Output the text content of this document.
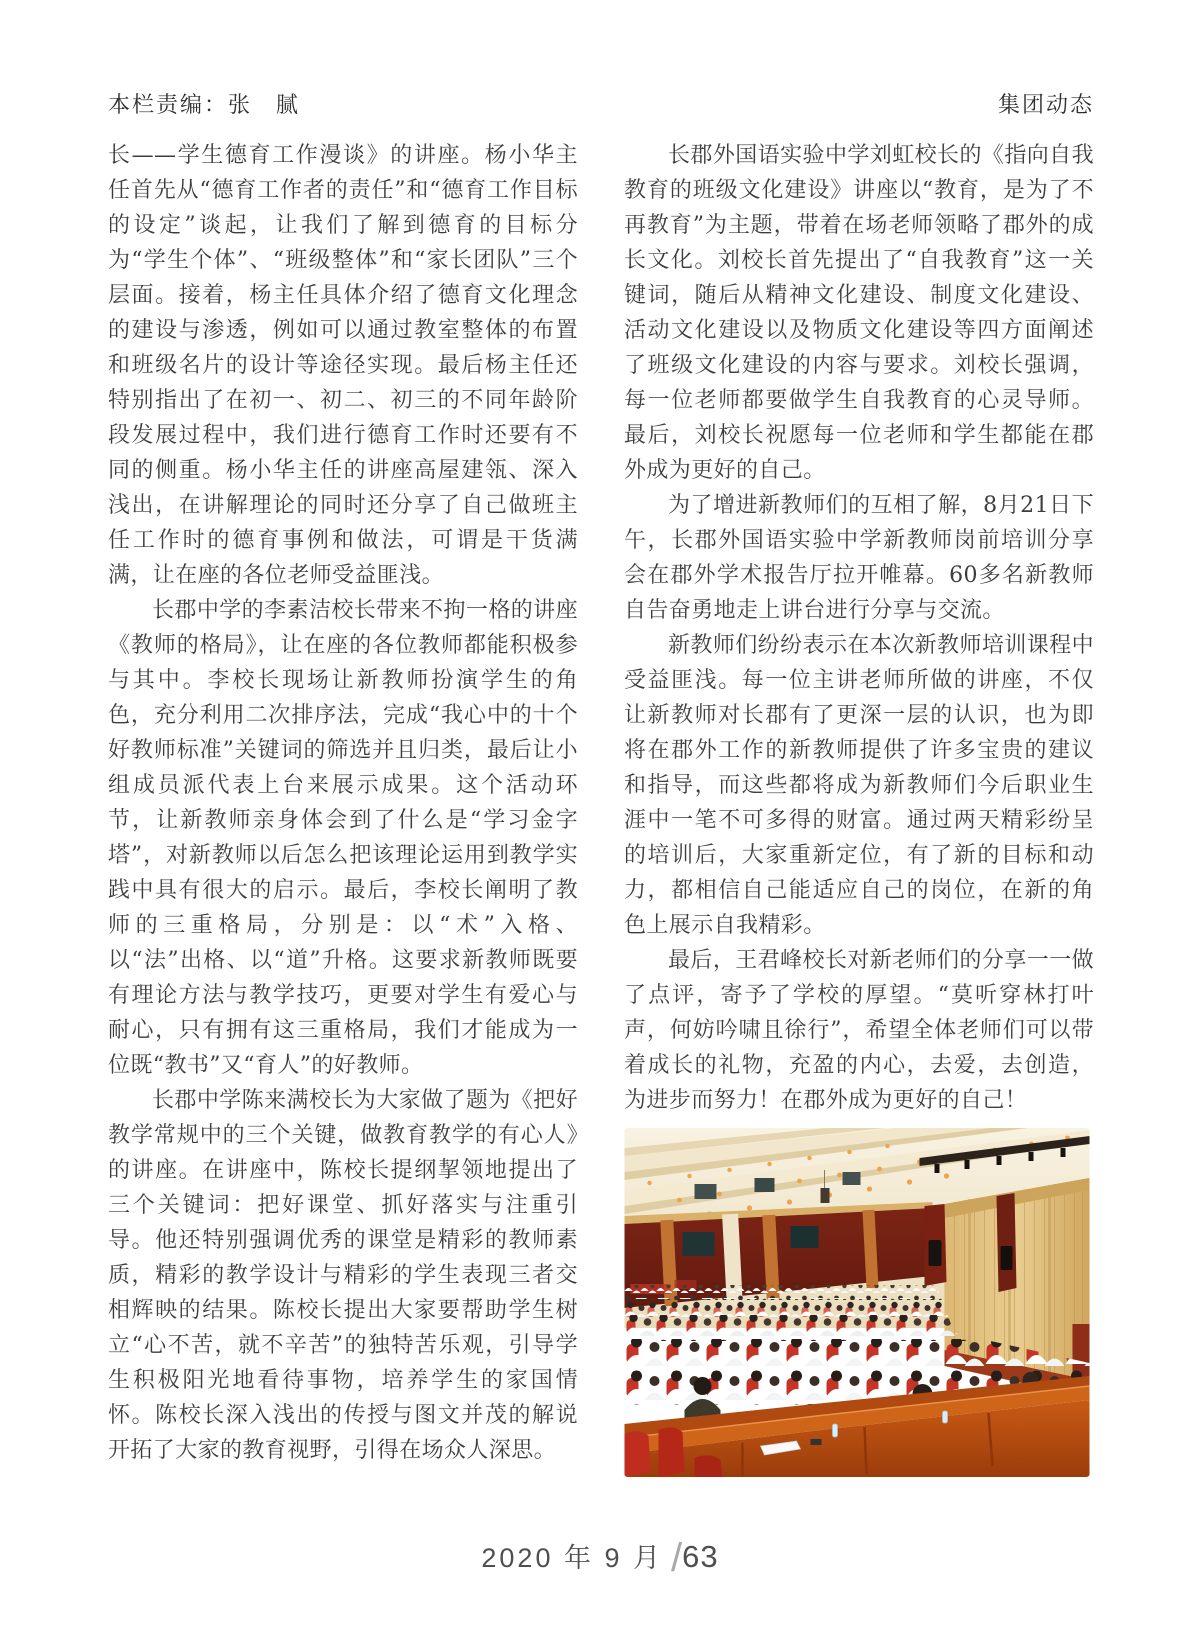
本栏责编：张　腻	集团动态

长——学生德育工作漫谈》的讲座。杨小华主任首先从“德育工作者的责任”和“德育工作目标的设定”谈起，让我们了解到德育的目标分为“学生个体”、“班级整体”和“家长团队”三个层面。接着，杨主任具体介绍了德育文化理念的建设与渗透，例如可以通过教室整体的布置和班级名片的设计等途径实现。最后杨主任还特别指出了在初一、初二、初三的不同年龄阶段发展过程中，我们进行德育工作时还要有不同的侧重。杨小华主任的讲座高屋建瓴、深入浅出，在讲解理论的同时还分享了自己做班主任工作时的德育事例和做法，可谓是干货满满，让在座的各位老师受益匪浅。

长郡中学的李素洁校长带来不拘一格的讲座《教师的格局》，让在座的各位教师都能积极参与其中。李校长现场让新教师扮演学生的角色，充分利用二次排序法，完成“我心中的十个好教师标准”关键词的筛选并且归类，最后让小组成员派代表上台来展示成果。这个活动环节，让新教师亲身体会到了什么是“学习金字塔”，对新教师以后怎么把该理论运用到教学实践中具有很大的启示。最后，李校长阐明了教师的三重格局，分别是：以“术”入格、以“法”出格、以“道”升格。这要求新教师既要有理论方法与教学技巧，更要对学生有爱心与耐心，只有拥有这三重格局，我们才能成为一位既“教书”又“育人”的好教师。

长郡中学陈来满校长为大家做了题为《把好教学常规中的三个关键，做教育教学的有心人》的讲座。在讲座中，陈校长提纲挈领地提出了三个关键词：把好课堂、抓好落实与注重引导。他还特别强调优秀的课堂是精彩的教师素质，精彩的教学设计与精彩的学生表现三者交相辉映的结果。陈校长提出大家要帮助学生树立“心不苦，就不辛苦”的独特苦乐观，引导学生积极阳光地看待事物，培养学生的家国情怀。陈校长深入浅出的传授与图文并茂的解说开拓了大家的教育视野，引得在场众人深思。

长郡外国语实验中学刘虹校长的《指向自我教育的班级文化建设》讲座以“教育，是为了不再教育”为主题，带着在场老师领略了郡外的成长文化。刘校长首先提出了“自我教育”这一关键词，随后从精神文化建设、制度文化建设、活动文化建设以及物质文化建设等四方面阐述了班级文化建设的内容与要求。刘校长强调，每一位老师都要做学生自我教育的心灵导师。最后，刘校长祝愿每一位老师和学生都能在郡外成为更好的自己。

为了增进新教师们的互相了解，8月21日下午，长郡外国语实验中学新教师岗前培训分享会在郡外学术报告厅拉开帷幕。60多名新教师自告奋勇地走上讲台进行分享与交流。

新教师们纷纷表示在本次新教师培训课程中受益匪浅。每一位主讲老师所做的讲座，不仅让新教师对长郡有了更深一层的认识，也为即将在郡外工作的新教师提供了许多宝贵的建议和指导，而这些都将成为新教师们今后职业生涯中一笔不可多得的财富。通过两天精彩纷呈的培训后，大家重新定位，有了新的目标和动力，都相信自己能适应自己的岗位，在新的角色上展示自我精彩。

最后，王君峰校长对新老师们的分享一一做了点评，寄予了学校的厚望。“莫听穿林打叶声，何妨吟啸且徐行”，希望全体老师们可以带着成长的礼物，充盈的内心，去爱，去创造，为进步而努力！在郡外成为更好的自己！

2020 年 9 月 /63
